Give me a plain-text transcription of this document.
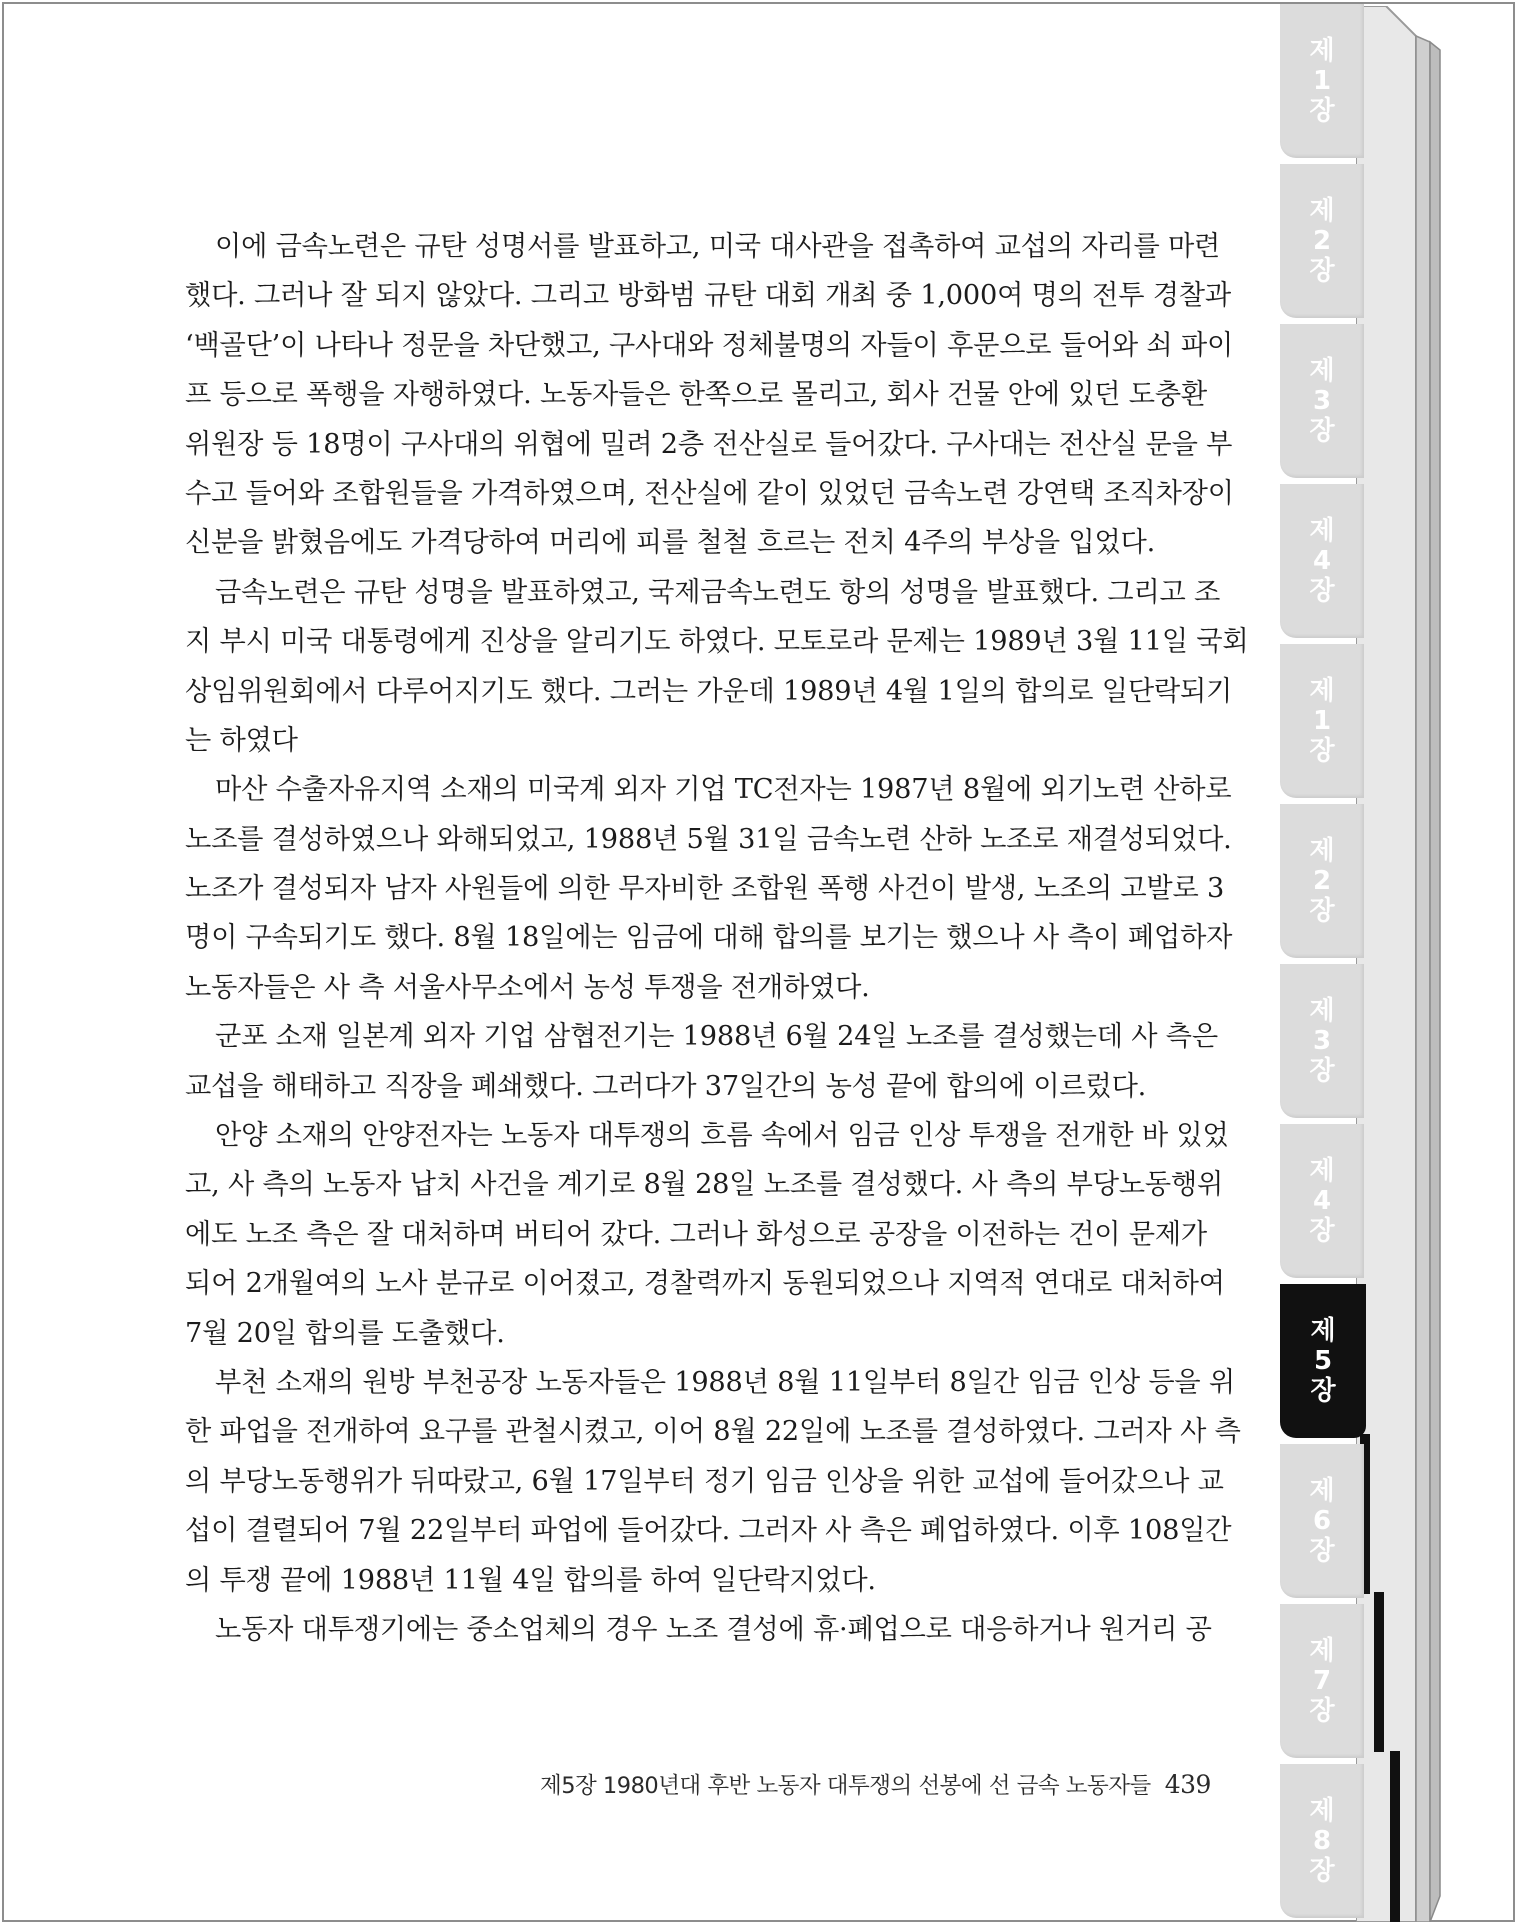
제
1
장
제
2
장
제
3
장
제
4
장
제
1
장
제
2
장
제
3
장
제
4
장
제
5
장
제
6
장
제
7
장
제
8
장
이에 금속노련은 규탄 성명서를 발표하고, 미국 대사관을 접촉하여 교섭의 자리를 마련
했다. 그러나 잘 되지 않았다. 그리고 방화범 규탄 대회 개최 중 1,000여 명의 전투 경찰과
‘백골단’이 나타나 정문을 차단했고, 구사대와 정체불명의 자들이 후문으로 들어와 쇠 파이
프 등으로 폭행을 자행하였다. 노동자들은 한쪽으로 몰리고, 회사 건물 안에 있던 도충환
위원장 등 18명이 구사대의 위협에 밀려 2층 전산실로 들어갔다. 구사대는 전산실 문을 부
수고 들어와 조합원들을 가격하였으며, 전산실에 같이 있었던 금속노련 강연택 조직차장이
신분을 밝혔음에도 가격당하여 머리에 피를 철철 흐르는 전치 4주의 부상을 입었다.
금속노련은 규탄 성명을 발표하였고, 국제금속노련도 항의 성명을 발표했다. 그리고 조
지 부시 미국 대통령에게 진상을 알리기도 하였다. 모토로라 문제는 1989년 3월 11일 국회
상임위원회에서 다루어지기도 했다. 그러는 가운데 1989년 4월 1일의 합의로 일단락되기
는 하였다
마산 수출자유지역 소재의 미국계 외자 기업 TC전자는 1987년 8월에 외기노련 산하로
노조를 결성하였으나 와해되었고, 1988년 5월 31일 금속노련 산하 노조로 재결성되었다.
노조가 결성되자 남자 사원들에 의한 무자비한 조합원 폭행 사건이 발생, 노조의 고발로 3
명이 구속되기도 했다. 8월 18일에는 임금에 대해 합의를 보기는 했으나 사 측이 폐업하자
노동자들은 사 측 서울사무소에서 농성 투쟁을 전개하였다.
군포 소재 일본계 외자 기업 삼협전기는 1988년 6월 24일 노조를 결성했는데 사 측은
교섭을 해태하고 직장을 폐쇄했다. 그러다가 37일간의 농성 끝에 합의에 이르렀다.
안양 소재의 안양전자는 노동자 대투쟁의 흐름 속에서 임금 인상 투쟁을 전개한 바 있었
고, 사 측의 노동자 납치 사건을 계기로 8월 28일 노조를 결성했다. 사 측의 부당노동행위
에도 노조 측은 잘 대처하며 버티어 갔다. 그러나 화성으로 공장을 이전하는 건이 문제가
되어 2개월여의 노사 분규로 이어졌고, 경찰력까지 동원되었으나 지역적 연대로 대처하여
7월 20일 합의를 도출했다.
부천 소재의 원방 부천공장 노동자들은 1988년 8월 11일부터 8일간 임금 인상 등을 위
한 파업을 전개하여 요구를 관철시켰고, 이어 8월 22일에 노조를 결성하였다. 그러자 사 측
의 부당노동행위가 뒤따랐고, 6월 17일부터 정기 임금 인상을 위한 교섭에 들어갔으나 교
섭이 결렬되어 7월 22일부터 파업에 들어갔다. 그러자 사 측은 폐업하였다. 이후 108일간
의 투쟁 끝에 1988년 11월 4일 합의를 하여 일단락지었다.
노동자 대투쟁기에는 중소업체의 경우 노조 결성에 휴·폐업으로 대응하거나 원거리 공
제5장 1980년대 후반 노동자 대투쟁의 선봉에 선 금속 노동자들 439
